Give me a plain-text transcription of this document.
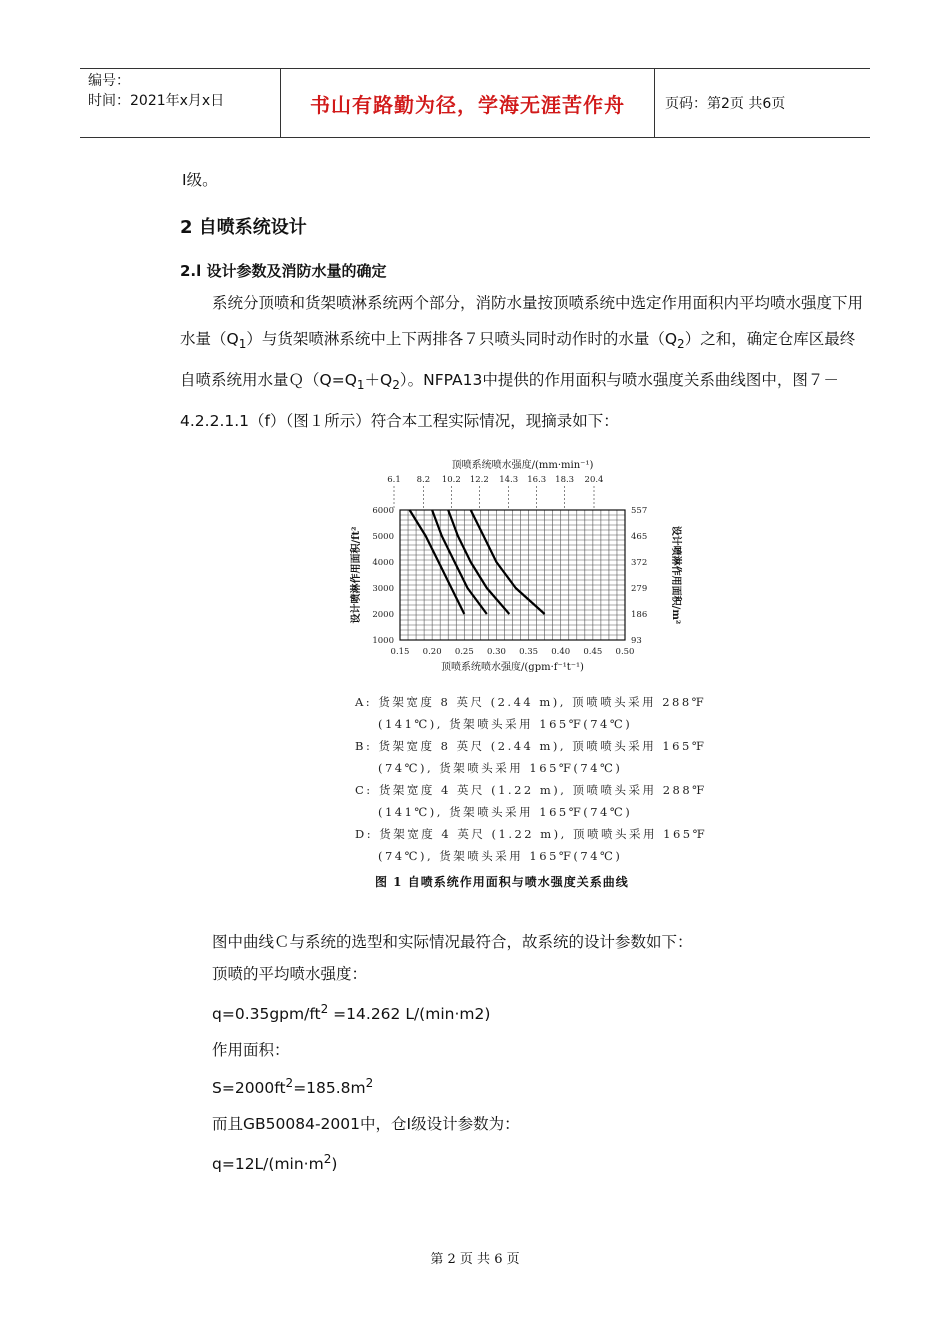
编号：
时间：2021年x月x日	书山有路勤为径，学海无涯苦作舟	页码：第2页 共6页
Ⅰ级。
2 自喷系统设计
2.l 设计参数及消防水量的确定
系统分顶喷和货架喷淋系统两个部分，消防水量按顶喷系统中选定作用面积内平均喷水强度下用水量$(Q_1)$与货架喷淋系统中上下两排各７只喷头同时动作时的水量$(Q_2)$之和，确定仓库区最终自喷系统用水量$Q(Q=Q_1+Q_2)$。NFPA13中提供的作用面积与喷水强度关系曲线图中，图７－4.2.2.1.1（f）（图１所示）符合本工程实际情况，现摘录如下：
0.15 0.20 0.25 0.30 0.35 0.40 0.45 0.50
6.1 8.2 10.2 12.2 14.3 16.3 18.3 20.4
1000
2000
3000
4000
5000
6000
93
186
279
372
465
557
顶喷系统喷水强度/(mm·min⁻¹)
顶喷系统喷水强度/(gpm·f⁻¹t⁻¹)
设计喷淋作用面积/ft²	设计喷淋作用面积/m²
A: 货架宽度 8 英尺 (2.44 m), 顶喷喷头采用 288℉
(141℃), 货架喷头采用 165℉(74℃)
B: 货架宽度 8 英尺 (2.44 m), 顶喷喷头采用 165℉
(74℃), 货架喷头采用 165℉(74℃)
C: 货架宽度 4 英尺 (1.22 m), 顶喷喷头采用 288℉
(141℃), 货架喷头采用 165℉(74℃)
D: 货架宽度 4 英尺 (1.22 m), 顶喷喷头采用 165℉
(74℃), 货架喷头采用 165℉(74℃)
图 1 自喷系统作用面积与喷水强度关系曲线
图中曲线Ｃ与系统的选型和实际情况最符合，故系统的设计参数如下：
顶喷的平均喷水强度：
$q=0.35gpm/ft^2 =14.262$ L/(min·m2)
作用面积：
$S=2000ft^2=185.8m^2$
而且GB50084-2001中，仓Ⅰ级设计参数为：
$q=12L/(\min\cdot m^2)$
第 2 页 共 6 页
